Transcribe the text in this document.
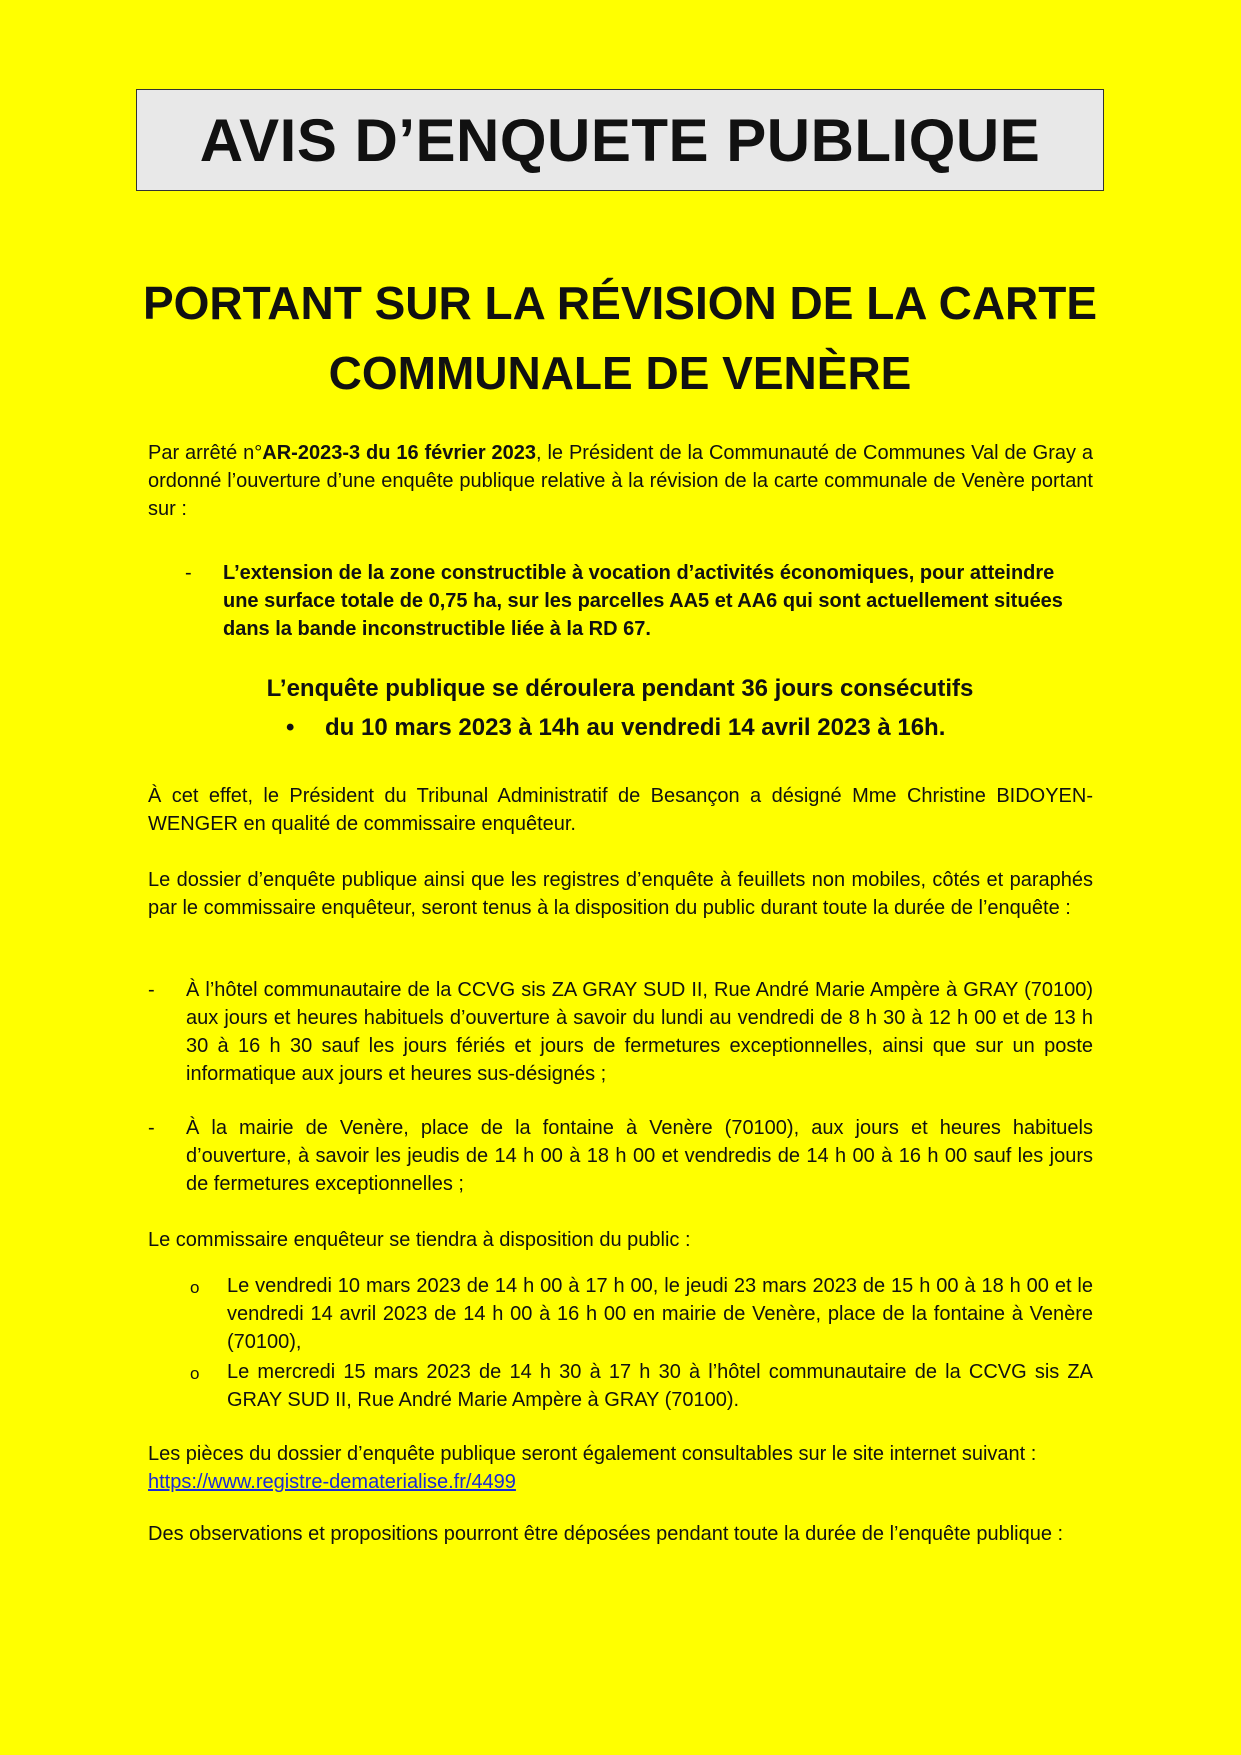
AVIS D’ENQUETE PUBLIQUE
PORTANT SUR LA RÉVISION DE LA CARTE
COMMUNALE DE VENÈRE
Par arrêté n°AR-2023-3 du 16 février 2023, le Président de la Communauté de Communes Val de Gray a ordonné l’ouverture d’une enquête publique relative à la révision de la carte communale de Venère portant sur :
- L’extension de la zone constructible à vocation d’activités économiques, pour atteindre une surface totale de 0,75 ha, sur les parcelles AA5 et AA6 qui sont actuellement situées dans la bande inconstructible liée à la RD 67.
L’enquête publique se déroulera pendant 36 jours consécutifs
• du 10 mars 2023 à 14h au vendredi 14 avril 2023 à 16h.
À cet effet, le Président du Tribunal Administratif de Besançon a désigné Mme Christine BIDOYEN-WENGER en qualité de commissaire enquêteur.
Le dossier d’enquête publique ainsi que les registres d’enquête à feuillets non mobiles, côtés et paraphés par le commissaire enquêteur, seront tenus à la disposition du public durant toute la durée de l’enquête :
- À l’hôtel communautaire de la CCVG sis ZA GRAY SUD II, Rue André Marie Ampère à GRAY (70100) aux jours et heures habituels d’ouverture à savoir du lundi au vendredi de 8 h 30 à 12 h 00 et de 13 h 30 à 16 h 30 sauf les jours fériés et jours de fermetures exceptionnelles, ainsi que sur un poste informatique aux jours et heures sus-désignés ;
- À la mairie de Venère, place de la fontaine à Venère (70100), aux jours et heures habituels d’ouverture, à savoir les jeudis de 14 h 00 à 18 h 00 et vendredis de 14 h 00 à 16 h 00 sauf les jours de fermetures exceptionnelles ;
Le commissaire enquêteur se tiendra à disposition du public :
o Le vendredi 10 mars 2023 de 14 h 00 à 17 h 00, le jeudi 23 mars 2023 de 15 h 00 à 18 h 00 et le vendredi 14 avril 2023 de 14 h 00 à 16 h 00 en mairie de Venère, place de la fontaine à Venère (70100),
o Le mercredi 15 mars 2023 de 14 h 30 à 17 h 30 à l’hôtel communautaire de la CCVG sis ZA GRAY SUD II, Rue André Marie Ampère à GRAY (70100).
Les pièces du dossier d’enquête publique seront également consultables sur le site internet suivant :
https://www.registre-dematerialise.fr/4499
Des observations et propositions pourront être déposées pendant toute la durée de l’enquête publique :
